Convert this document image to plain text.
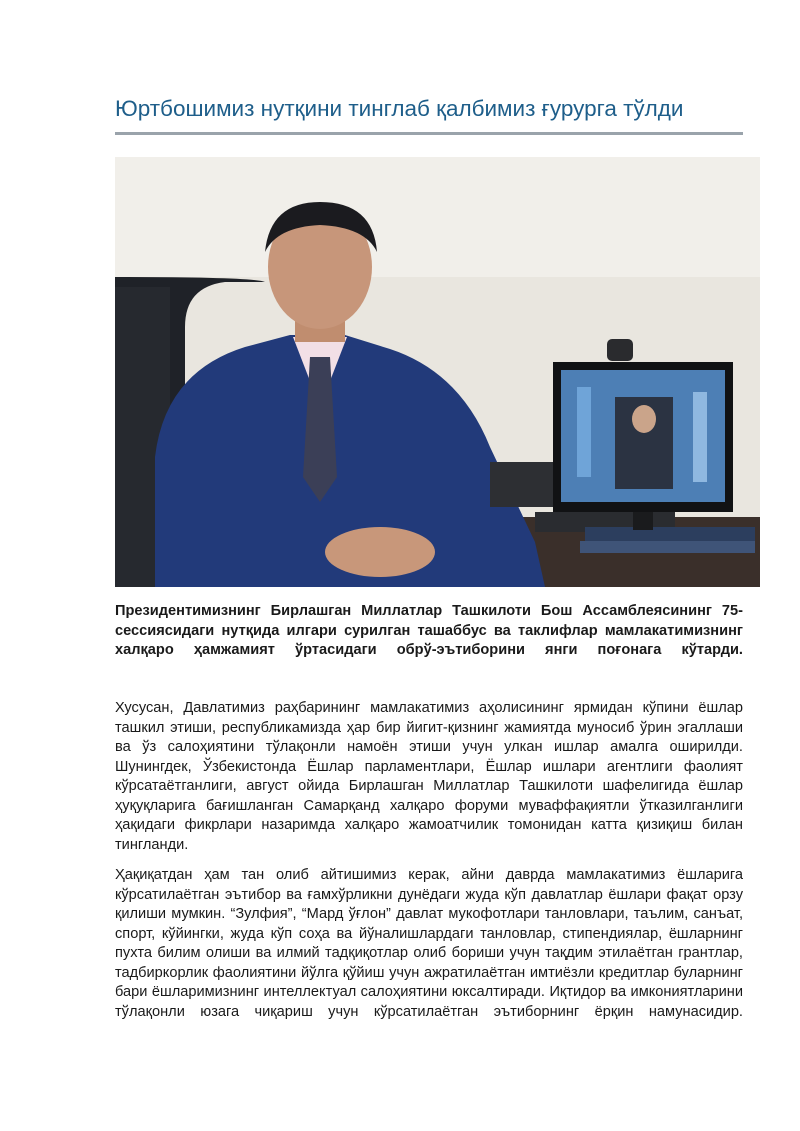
Юртбошимиз нутқини тинглаб қалбимиз ғурурга тўлди

Президентимизнинг Бирлашган Миллатлар Ташкилоти Бош Ассамблеясининг 75-сессиясидаги нутқида илгари сурилган ташаббус ва таклифлар мамлакатимизнинг халқаро ҳамжамият ўртасидаги обрў-эътиборини янги поғонага кўтарди.

Хусусан, Давлатимиз раҳбарининг мамлакатимиз аҳолисининг ярмидан кўпини ёшлар ташкил этиши, республикамизда ҳар бир йигит-қизнинг жамиятда муносиб ўрин эгаллаши ва ўз салоҳиятини тўлақонли намоён этиши учун улкан ишлар амалга оширилди. Шунингдек, Ўзбекистонда Ёшлар парламентлари, Ёшлар ишлари агентлиги фаолият кўрсатаётганлиги, август ойида Бирлашган Миллатлар Ташкилоти шафелигида ёшлар ҳуқуқларига бағишланган Самарқанд халқаро форуми муваффақиятли ўтказилганлиги ҳақидаги фикрлари назаримда халқаро жамоатчилик томонидан катта қизиқиш билан тингланди.

Ҳақиқатдан ҳам тан олиб айтишимиз керак, айни даврда мамлакатимиз ёшларига кўрсатилаётган эътибор ва ғамхўрликни дунёдаги жуда кўп давлатлар ёшлари фақат орзу қилиши мумкин. “Зулфия”, “Мард ўғлон” давлат мукофотлари танловлари, таълим, санъат, спорт, кўйингки, жуда кўп соҳа ва йўналишлардаги танловлар, стипендиялар, ёшларнинг пухта билим олиши ва илмий тадқиқотлар олиб бориши учун тақдим этилаётган грантлар, тадбиркорлик фаолиятини йўлга қўйиш учун ажратилаётган имтиёзли кредитлар буларнинг бари ёшларимизнинг интеллектуал салоҳиятини юксалтиради. Иқтидор ва имкониятларини тўлақонли юзага чиқариш учун кўрсатилаётган эътиборнинг ёрқин намунасидир.
